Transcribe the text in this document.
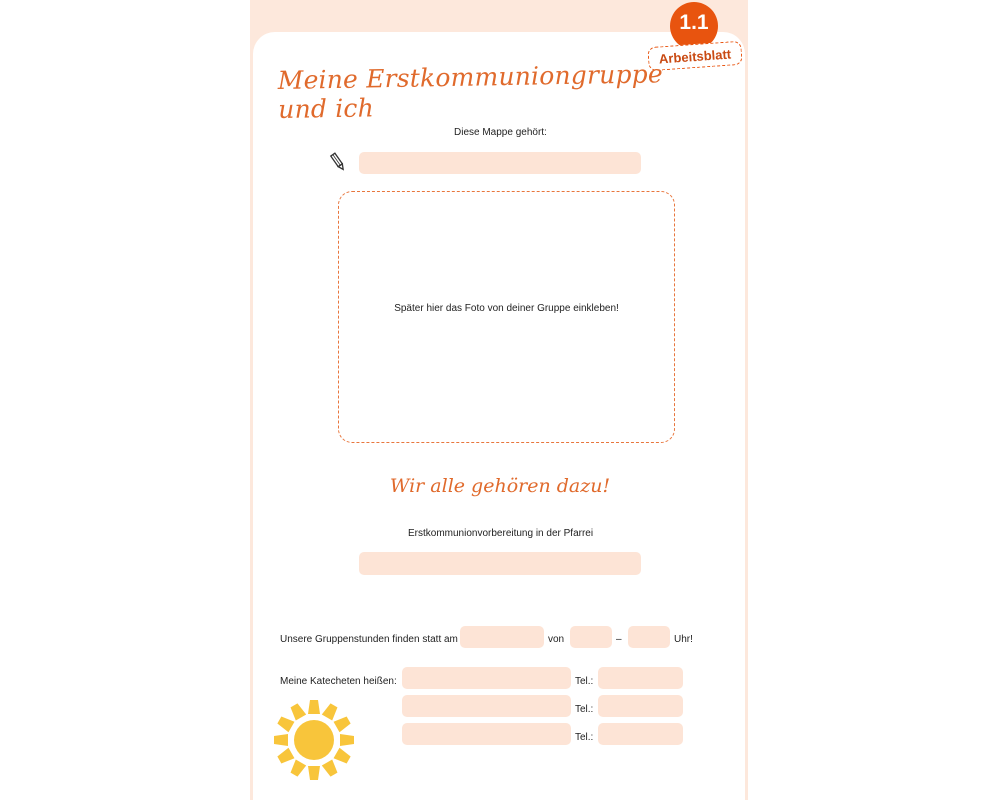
1.1
Arbeitsblatt
Meine Erstkommuniongruppe und ich
Diese Mappe gehört:
Später hier das Foto von deiner Gruppe einkleben!
Wir alle gehören dazu!
Erstkommunionvorbereitung in der Pfarrei
Unsere Gruppenstunden finden statt am	von	–	Uhr!
Meine Katecheten heißen:	Tel.:
Tel.:
Tel.:
